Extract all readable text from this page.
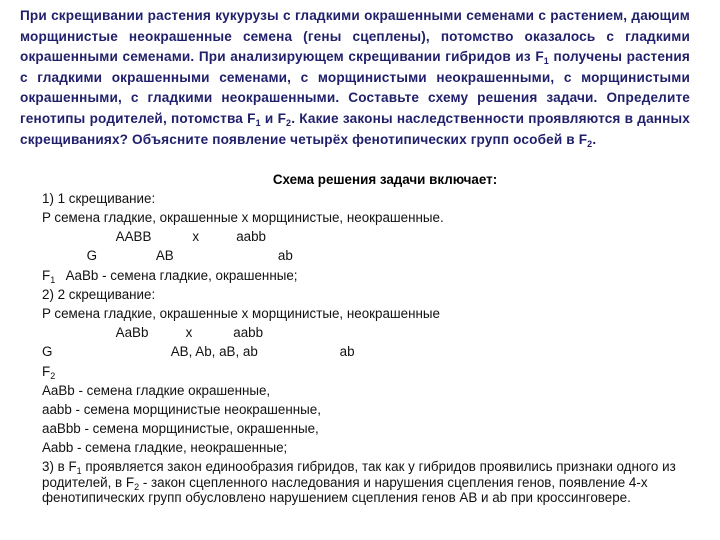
При скрещивании растения кукурузы с гладкими окрашенными семенами с растением, дающим морщинистые неокрашенные семена (гены сцеплены), потомство оказалось с гладкими окрашенными семенами. При анализирующем скрещивании гибридов из $F_1$ получены растения с гладкими окрашенными семенами, с морщинистыми неокрашенными, с морщинистыми окрашенными, с гладкими неокрашенными. Составьте схему решения задачи. Определите генотипы родителей, потомства $F_1$ и $F_2$. Какие законы наследственности проявляются в данных скрещиваниях? Объясните появление четырёх фенотипических групп особей в $F_2$.
Схема решения задачи включает:
1) 1 скрещивание:
P семена гладкие, окрашенные х морщинистые, неокрашенные.
AABB           x          aabb
G                AB                            ab
$F_1$   AaBb - семена гладкие, окрашенные;
2) 2 скрещивание:
P семена гладкие, окрашенные х морщинистые, неокрашенные
AaBb          x           aabb
G                                AB, Ab, aB, ab                      ab
$F_2$
AaBb - семена гладкие окрашенные,
aabb - семена морщинистые неокрашенные,
aaBbb - семена морщинистые, окрашенные,
Aabb - семена гладкие, неокрашенные;
3) в $F_1$ проявляется закон единообразия гибридов, так как у гибридов проявились признаки одного из родителей, в $F_2$ - закон сцепленного наследования и нарушения сцепления генов, появление 4-х фенотипических групп обусловлено нарушением сцепления генов AB и ab при кроссинговере.
